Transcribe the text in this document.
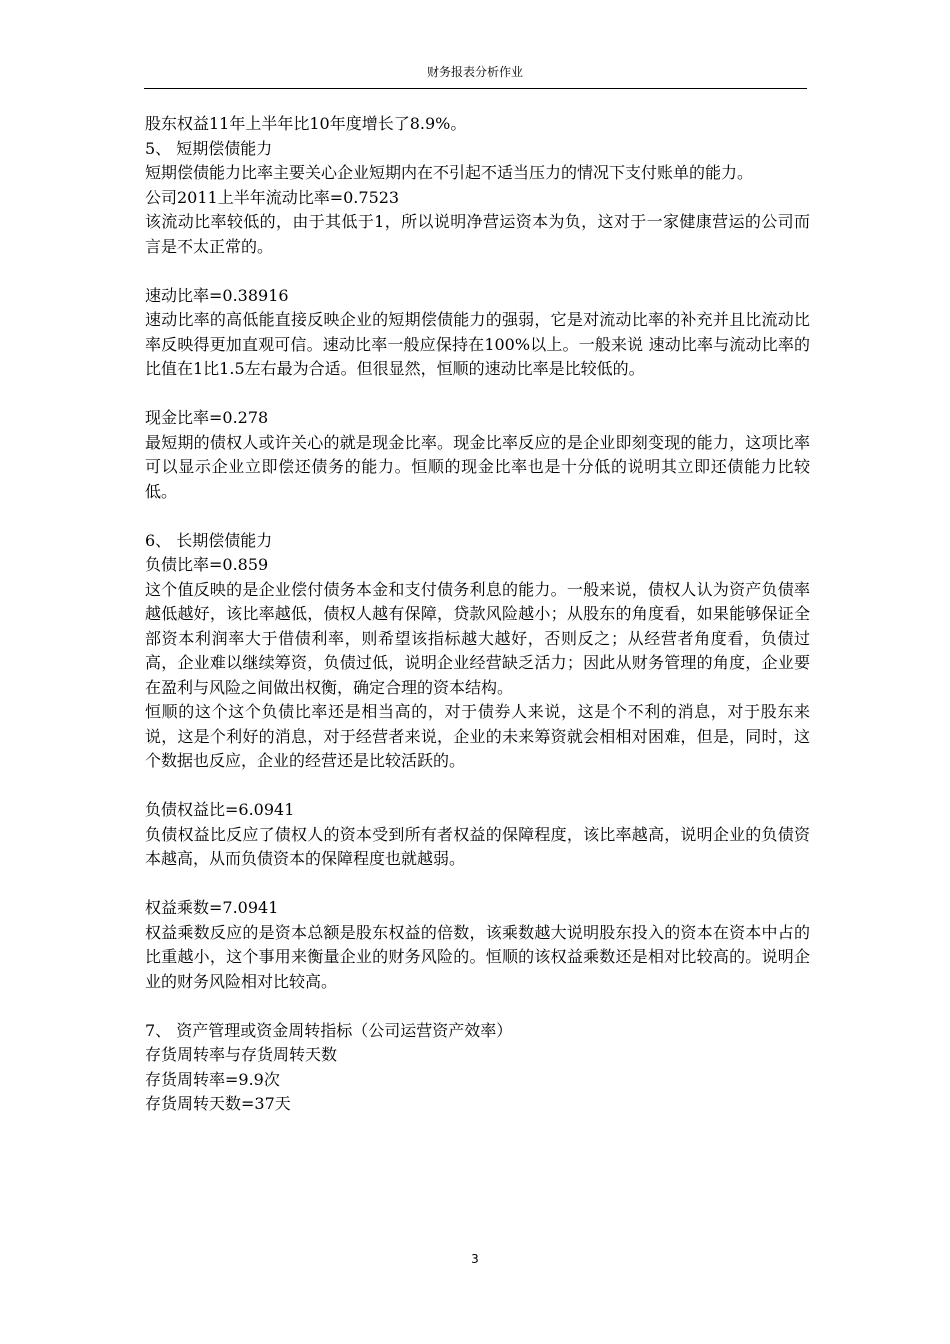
财务报表分析作业

股东权益11年上半年比10年度增长了8.9%。

5、 短期偿债能力

短期偿债能力比率主要关心企业短期内在不引起不适当压力的情况下支付账单的能力。

公司2011上半年流动比率=0.7523

该流动比率较低的，由于其低于1，所以说明净营运资本为负，这对于一家健康营运的公司而言是不太正常的。

速动比率=0.38916

速动比率的高低能直接反映企业的短期偿债能力的强弱，它是对流动比率的补充并且比流动比率反映得更加直观可信。速动比率一般应保持在100%以上。一般来说 速动比率与流动比率的比值在1比1.5左右最为合适。但很显然，恒顺的速动比率是比较低的。

现金比率=0.278

最短期的债权人或许关心的就是现金比率。现金比率反应的是企业即刻变现的能力，这项比率可以显示企业立即偿还债务的能力。恒顺的现金比率也是十分低的说明其立即还债能力比较低。

6、 长期偿债能力

负债比率=0.859

这个值反映的是企业偿付债务本金和支付债务利息的能力。一般来说，债权人认为资产负债率越低越好，该比率越低，债权人越有保障，贷款风险越小；从股东的角度看，如果能够保证全部资本利润率大于借债利率，则希望该指标越大越好，否则反之；从经营者角度看，负债过高，企业难以继续筹资，负债过低，说明企业经营缺乏活力；因此从财务管理的角度，企业要在盈利与风险之间做出权衡，确定合理的资本结构。

恒顺的这个这个负债比率还是相当高的，对于债券人来说，这是个不利的消息，对于股东来说，这是个利好的消息，对于经营者来说，企业的未来筹资就会相相对困难，但是，同时，这个数据也反应，企业的经营还是比较活跃的。

负债权益比=6.0941

负债权益比反应了债权人的资本受到所有者权益的保障程度，该比率越高，说明企业的负债资本越高，从而负债资本的保障程度也就越弱。

权益乘数=7.0941

权益乘数反应的是资本总额是股东权益的倍数，该乘数越大说明股东投入的资本在资本中占的比重越小，这个事用来衡量企业的财务风险的。恒顺的该权益乘数还是相对比较高的。说明企业的财务风险相对比较高。

7、 资产管理或资金周转指标（公司运营资产效率）

存货周转率与存货周转天数

存货周转率=9.9次

存货周转天数=37天

3
